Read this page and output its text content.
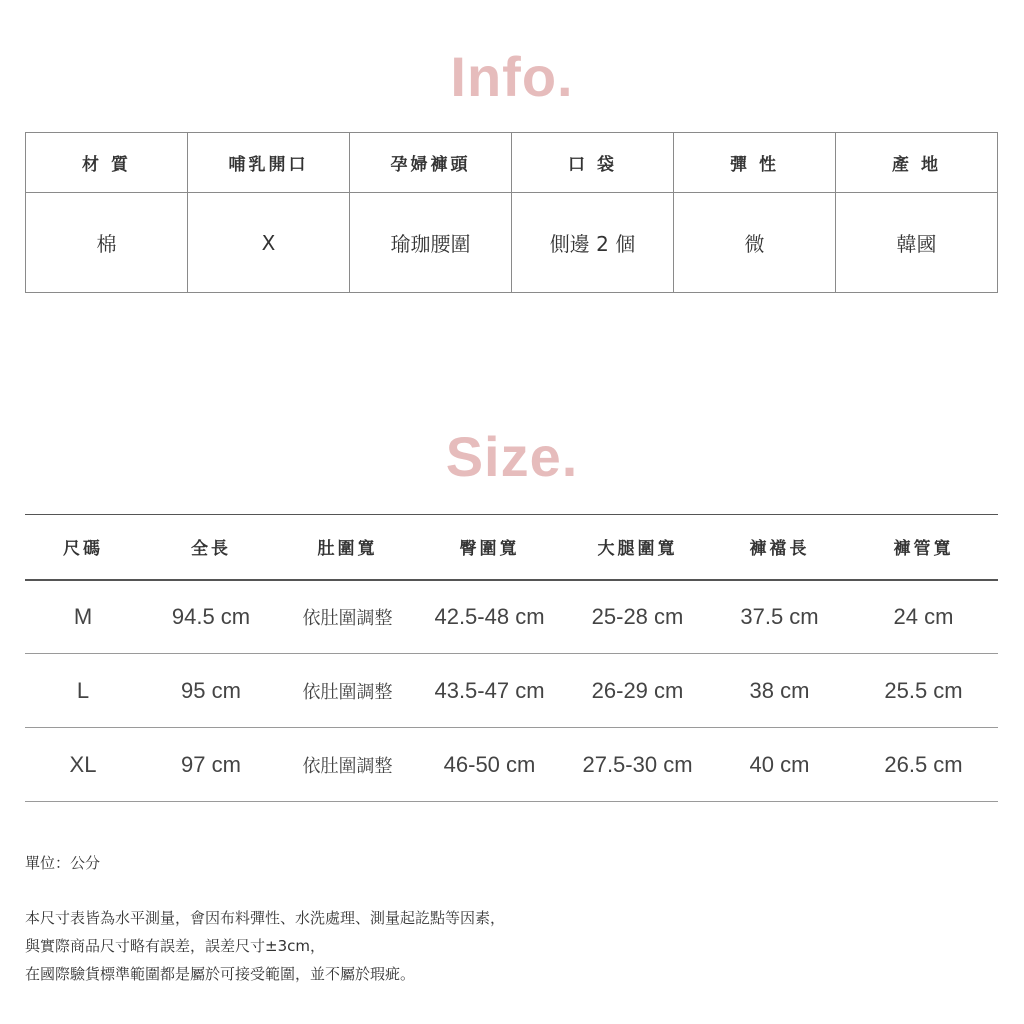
Info.
材 質	哺乳開口	孕婦褲頭	口 袋	彈 性	產 地
棉	X	瑜珈腰圍	側邊 2 個	微	韓國
Size.
尺碼	全長	肚圍寬	臀圍寬	大腿圍寬	褲襠長	褲管寬
M	94.5 cm	依肚圍調整	42.5-48 cm	25-28 cm	37.5 cm	24 cm
L	95 cm	依肚圍調整	43.5-47 cm	26-29 cm	38 cm	25.5 cm
XL	97 cm	依肚圍調整	46-50 cm	27.5-30 cm	40 cm	26.5 cm
單位：公分
本尺寸表皆為水平測量，會因布料彈性、水洗處理、測量起訖點等因素，
與實際商品尺寸略有誤差，誤差尺寸±3cm，
在國際驗貨標準範圍都是屬於可接受範圍，並不屬於瑕疵。
